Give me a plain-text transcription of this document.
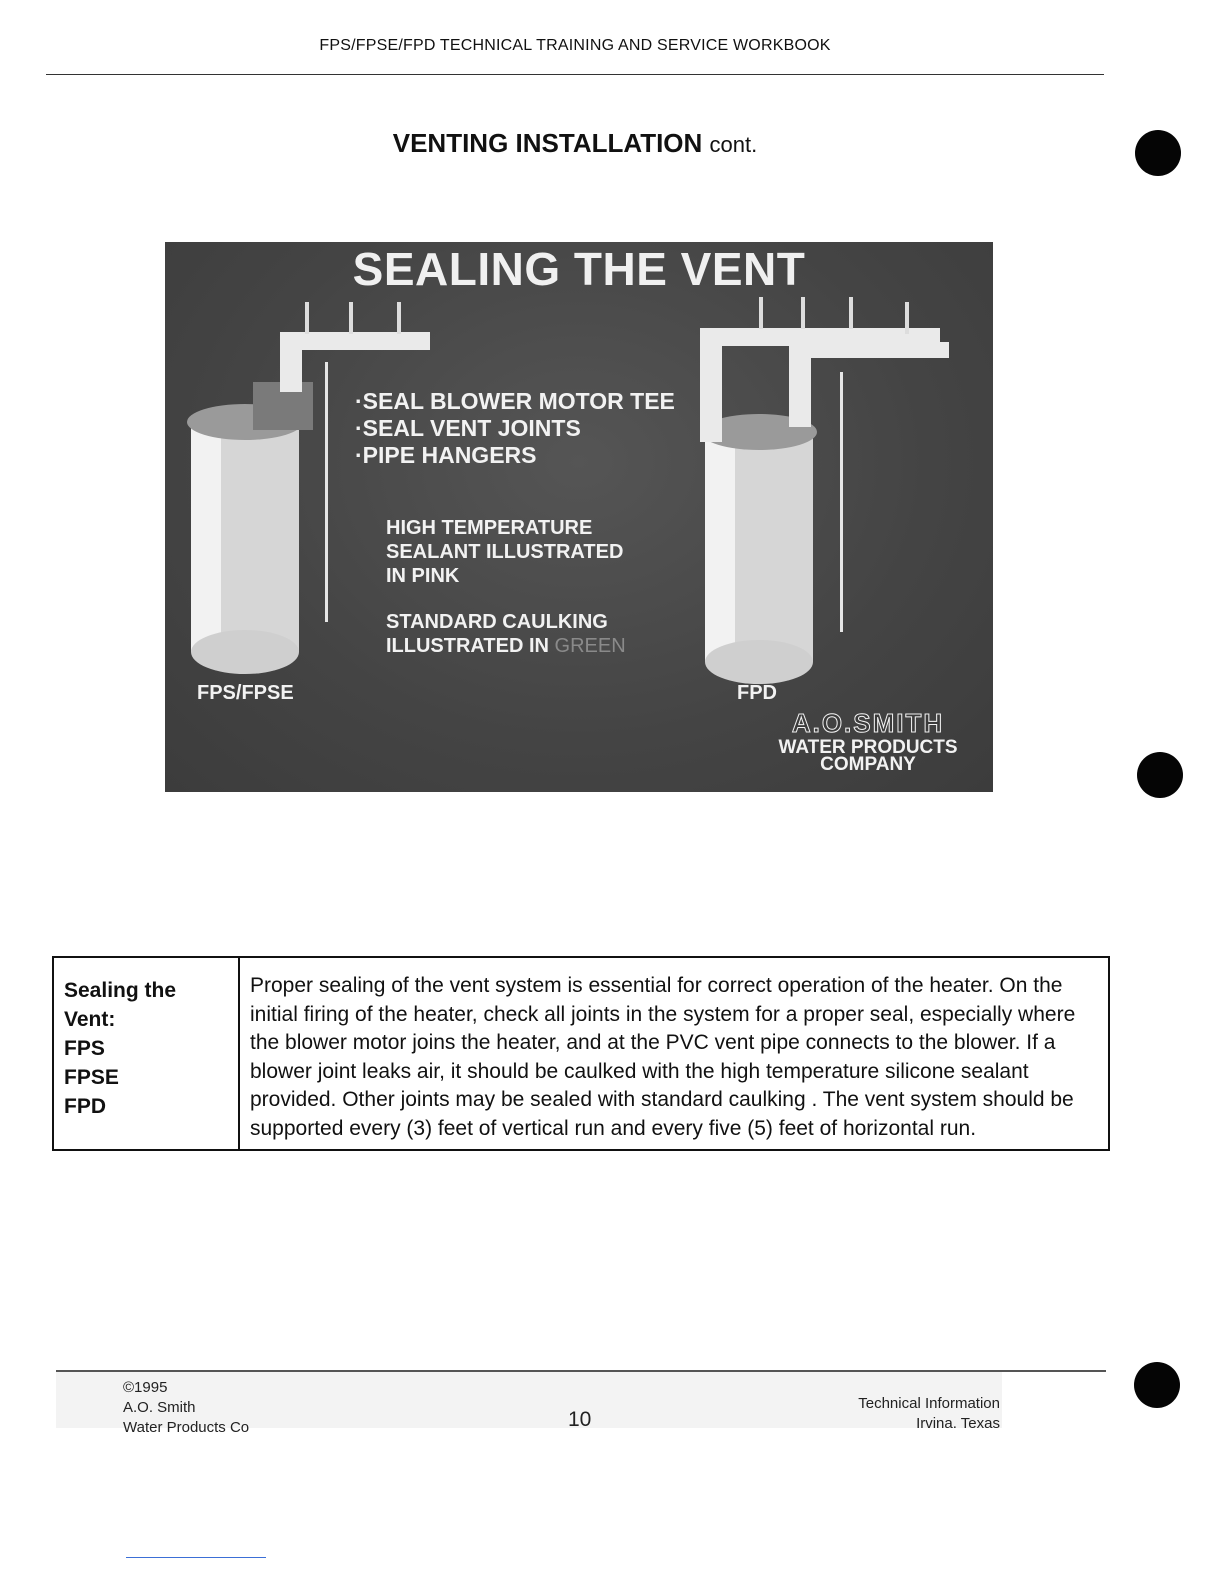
FPS/FPSE/FPD TECHNICAL TRAINING AND SERVICE WORKBOOK
VENTING INSTALLATION cont.
SEALING THE VENT
·SEAL BLOWER MOTOR TEE
·SEAL VENT JOINTS
·PIPE HANGERS
HIGH TEMPERATURE
SEALANT ILLUSTRATED
IN PINK
STANDARD CAULKING
ILLUSTRATED IN GREEN
FPS/FPSE	FPD
A.O.SMITH
WATER PRODUCTS
COMPANY
Sealing the
Vent:
FPS
FPSE
FPD
	Proper sealing of the vent system is essential for correct operation of the heater. On the initial firing of the heater, check all joints in the system for a proper seal, especially where the blower motor joins the heater, and at the PVC vent pipe connects to the blower. If a blower joint leaks air, it should be caulked with the high temperature silicone sealant provided. Other joints may be sealed with standard caulking . The vent system should be supported every (3) feet of vertical run and every five (5) feet of horizontal run.
©1995
A.O. Smith
Water Products Co	10
Technical Information
Irvina. Texas
